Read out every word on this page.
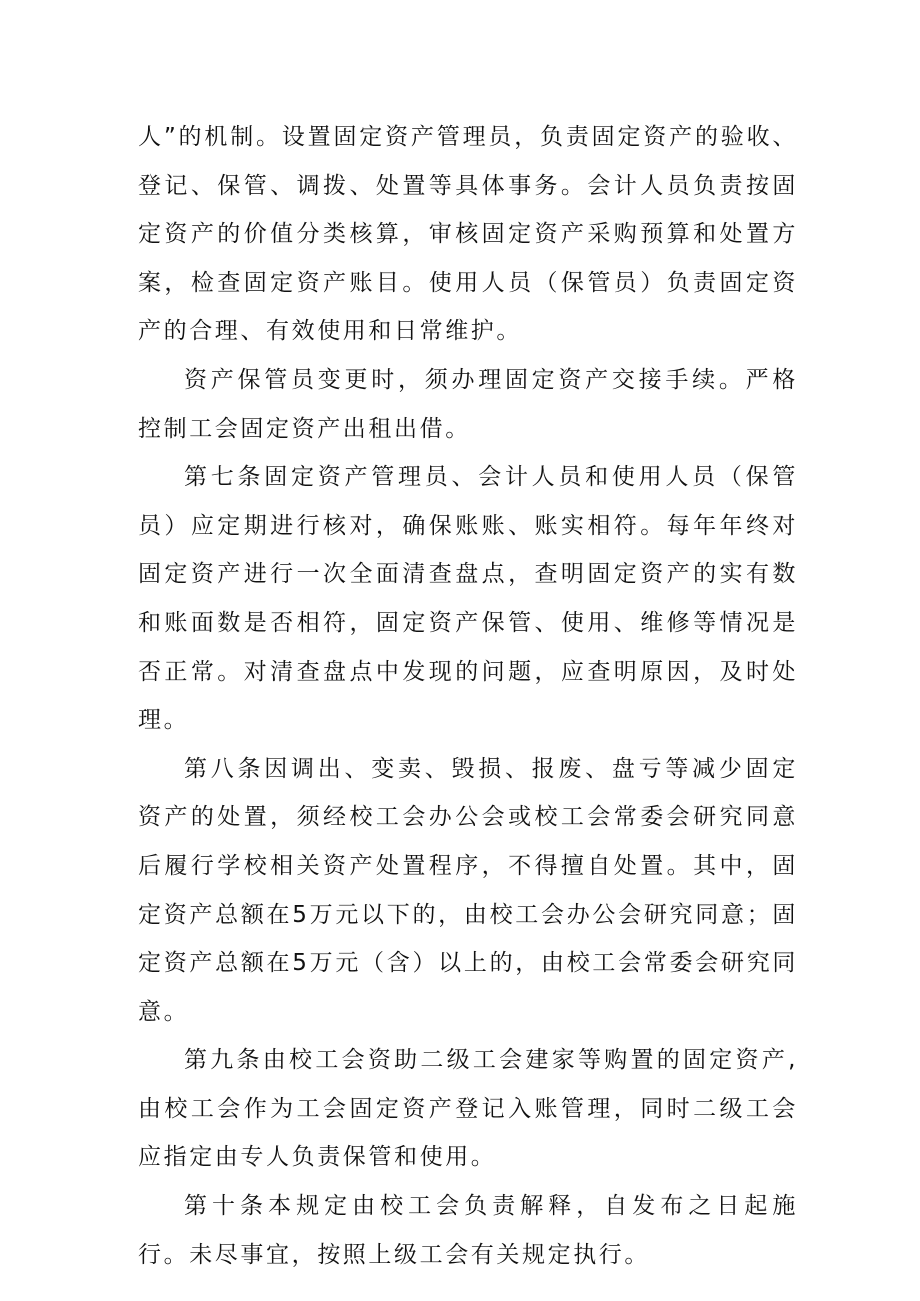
人”的机制。设置固定资产管理员，负责固定资产的验收、登记、保管、调拨、处置等具体事务。会计人员负责按固定资产的价值分类核算，审核固定资产采购预算和处置方案，检查固定资产账目。使用人员（保管员）负责固定资产的合理、有效使用和日常维护。

资产保管员变更时，须办理固定资产交接手续。严格控制工会固定资产出租出借。

第七条固定资产管理员、会计人员和使用人员（保管员）应定期进行核对，确保账账、账实相符。每年年终对固定资产进行一次全面清查盘点，查明固定资产的实有数和账面数是否相符，固定资产保管、使用、维修等情况是否正常。对清查盘点中发现的问题，应查明原因，及时处理。

第八条因调出、变卖、毁损、报废、盘亏等减少固定资产的处置，须经校工会办公会或校工会常委会研究同意后履行学校相关资产处置程序，不得擅自处置。其中，固定资产总额在5万元以下的，由校工会办公会研究同意；固定资产总额在5万元（含）以上的，由校工会常委会研究同意。

第九条由校工会资助二级工会建家等购置的固定资产,由校工会作为工会固定资产登记入账管理，同时二级工会应指定由专人负责保管和使用。

第十条本规定由校工会负责解释，自发布之日起施行。未尽事宜，按照上级工会有关规定执行。
